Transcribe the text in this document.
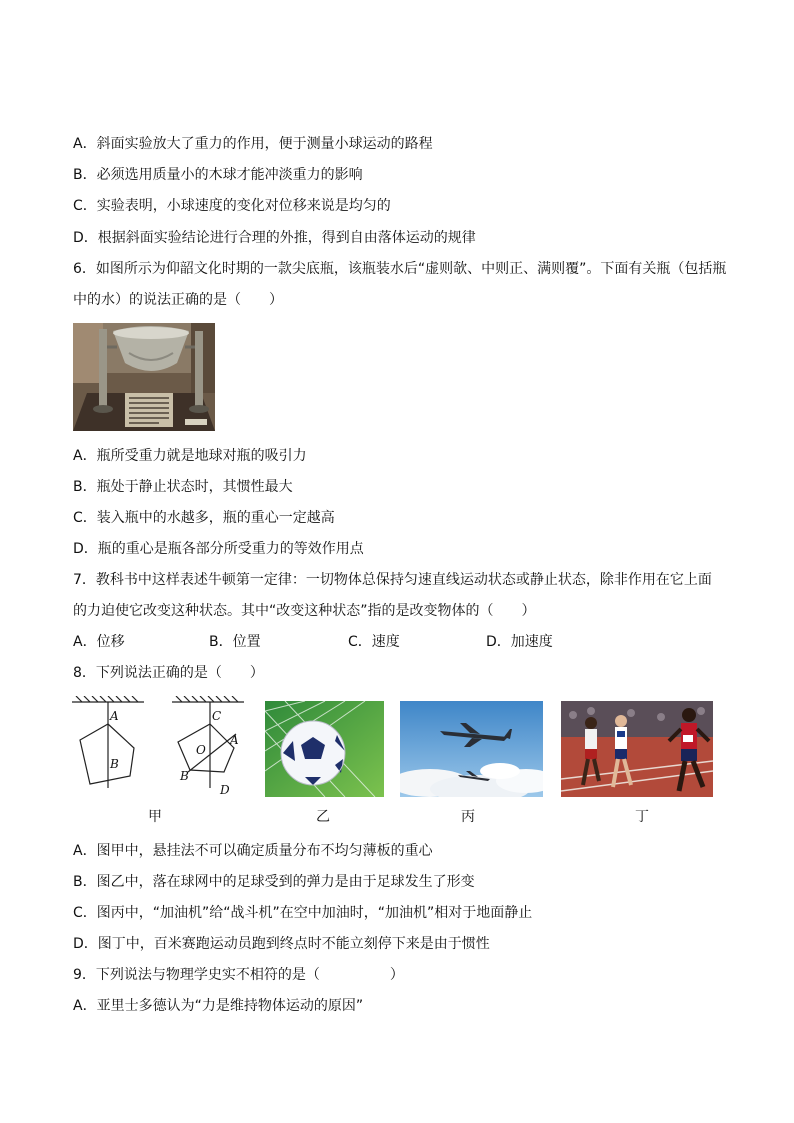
A．斜面实验放大了重力的作用，便于测量小球运动的路程
B．必须选用质量小的木球才能冲淡重力的影响
C．实验表明，小球速度的变化对位移来说是均匀的
D．根据斜面实验结论进行合理的外推，得到自由落体运动的规律
6．如图所示为仰韶文化时期的一款尖底瓶，该瓶装水后“虚则欹、中则正、满则覆”。下面有关瓶（包括瓶
中的水）的说法正确的是（　　）
A．瓶所受重力就是地球对瓶的吸引力
B．瓶处于静止状态时，其惯性最大
C．装入瓶中的水越多，瓶的重心一定越高
D．瓶的重心是瓶各部分所受重力的等效作用点
7．教科书中这样表述牛顿第一定律：一切物体总保持匀速直线运动状态或静止状态，除非作用在它上面
的力迫使它改变这种状态。其中“改变这种状态”指的是改变物体的（　　）
A．位移	B．位置	C．速度	D．加速度
8．下列说法正确的是（　　）
A
B
C
O
A
B
D
甲	乙	丙	丁
A．图甲中，悬挂法不可以确定质量分布不均匀薄板的重心
B．图乙中，落在球网中的足球受到的弹力是由于足球发生了形变
C．图丙中，“加油机”给“战斗机”在空中加油时，“加油机”相对于地面静止
D．图丁中，百米赛跑运动员跑到终点时不能立刻停下来是由于惯性
9．下列说法与物理学史实不相符的是（　　　　　）
A．亚里士多德认为“力是维持物体运动的原因”
